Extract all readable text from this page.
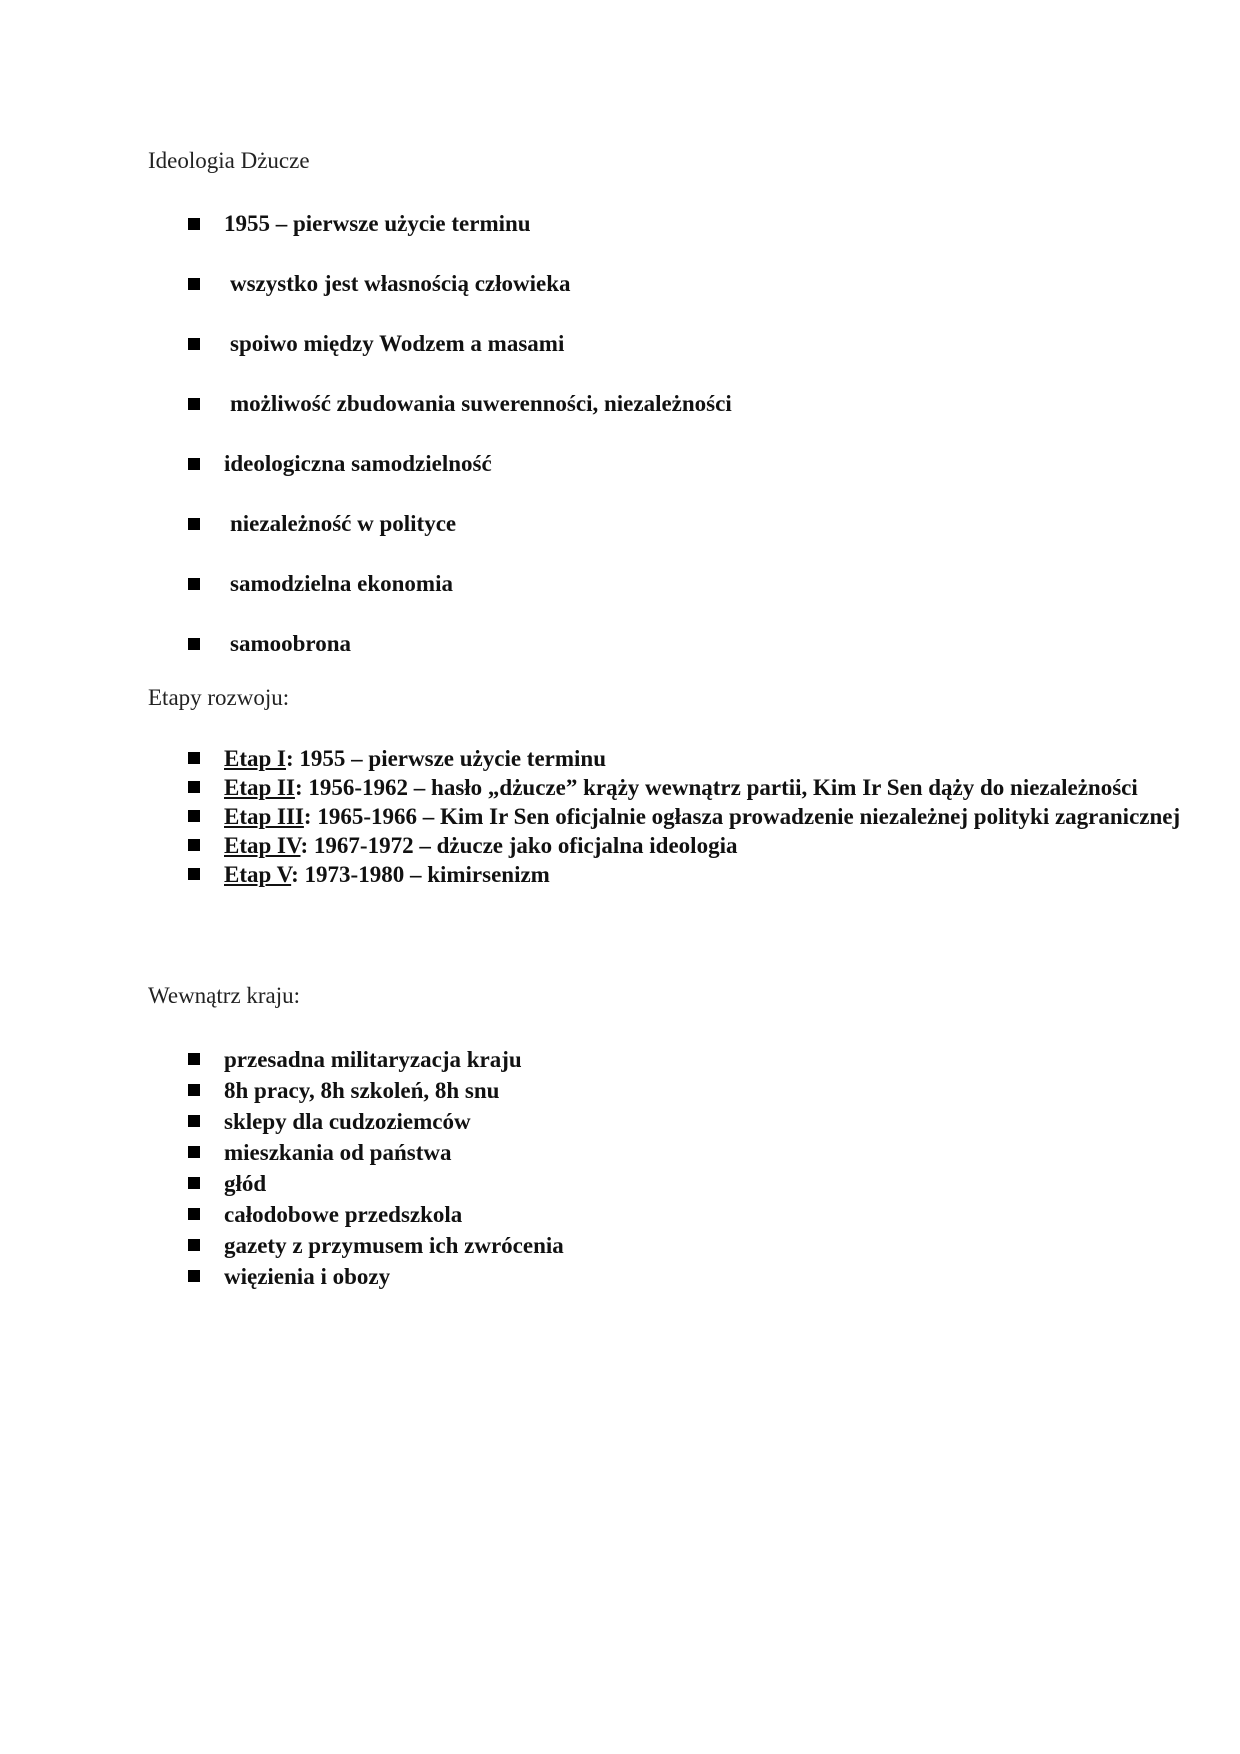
Ideologia Dżucze
1955 – pierwsze użycie terminu
wszystko jest własnością człowieka
spoiwo między Wodzem a masami
możliwość zbudowania suwerenności, niezależności
ideologiczna samodzielność
niezależność w polityce
samodzielna ekonomia
samoobrona
Etapy rozwoju:
Etap I: 1955 – pierwsze użycie terminu
Etap II: 1956-1962 – hasło „dżucze” krąży wewnątrz partii, Kim Ir Sen dąży do niezależności
Etap III: 1965-1966 – Kim Ir Sen oficjalnie ogłasza prowadzenie niezależnej polityki zagranicznej
Etap IV: 1967-1972 – dżucze jako oficjalna ideologia
Etap V: 1973-1980 – kimirsenizm
Wewnątrz kraju:
przesadna militaryzacja kraju
8h pracy, 8h szkoleń, 8h snu
sklepy dla cudzoziemców
mieszkania od państwa
głód
całodobowe przedszkola
gazety z przymusem ich zwrócenia
więzienia i obozy
